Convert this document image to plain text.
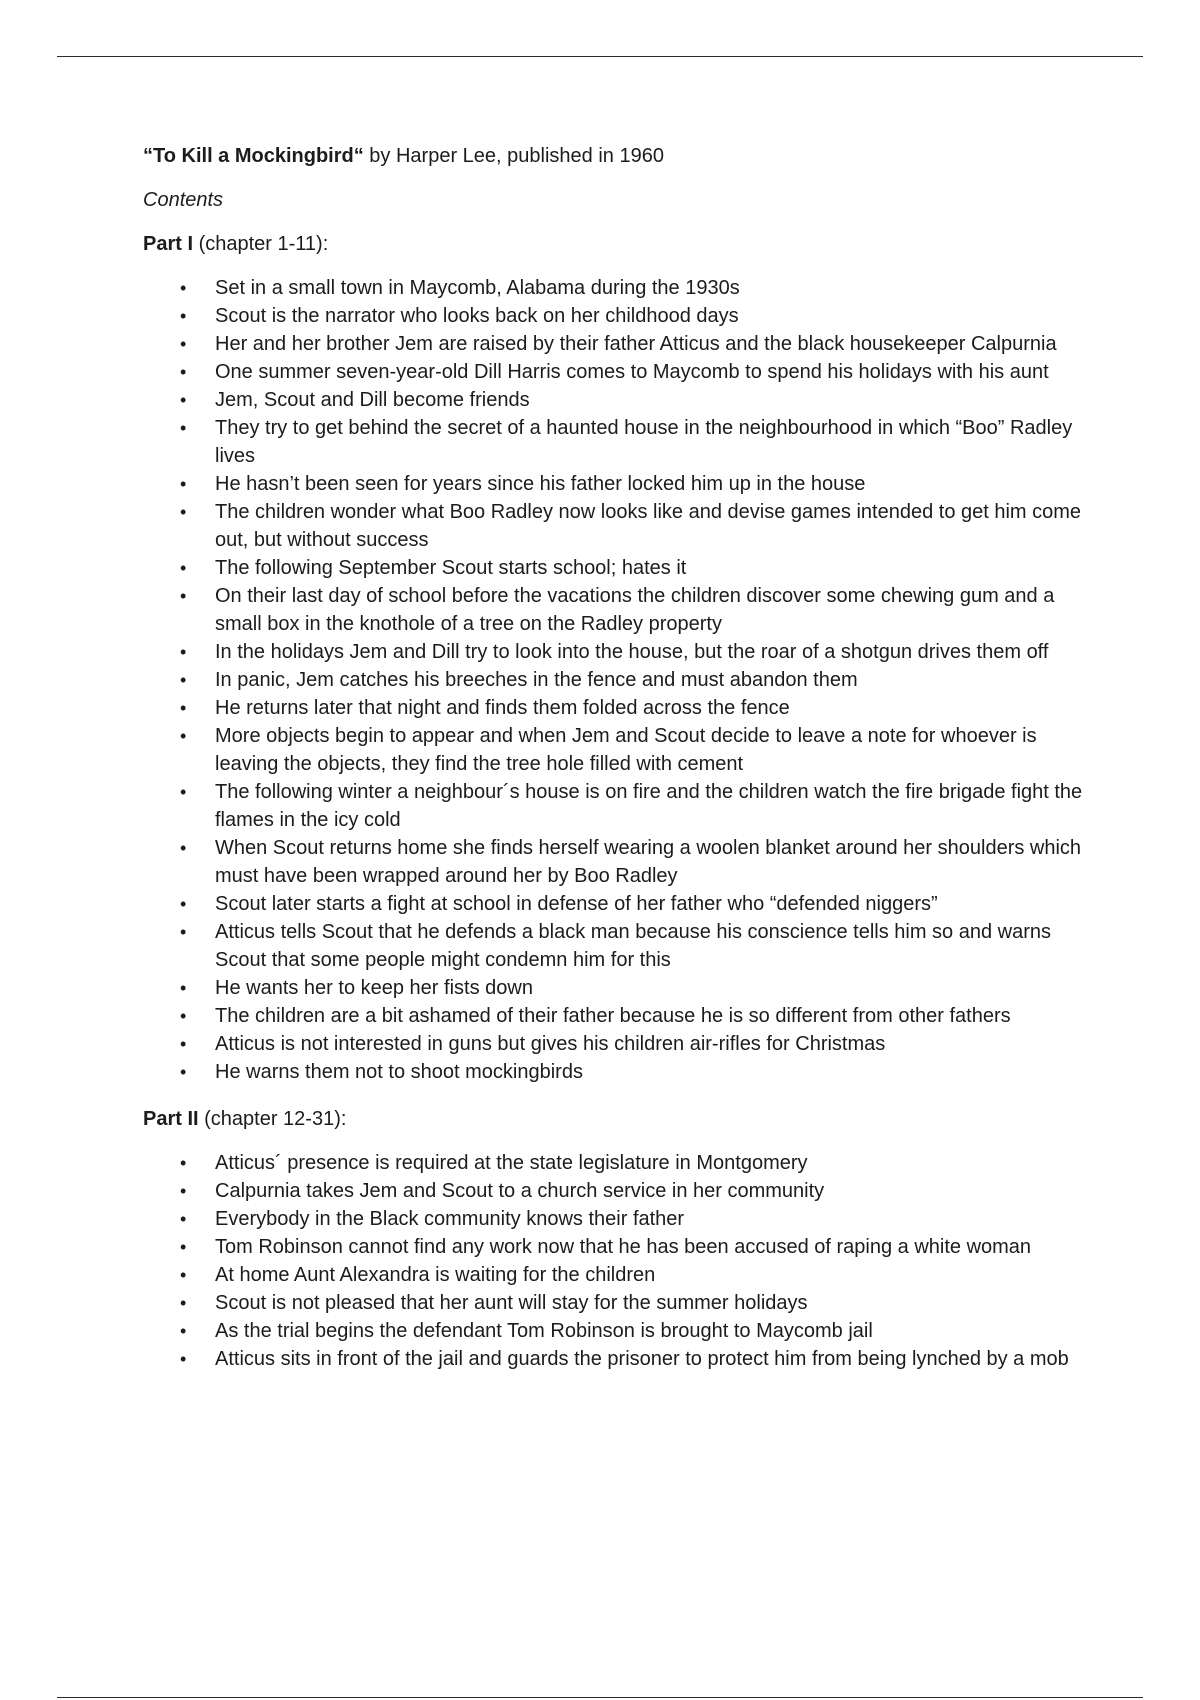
“To Kill a Mockingbird“ by Harper Lee, published in 1960

Contents

Part I (chapter 1-11):

• Set in a small town in Maycomb, Alabama during the 1930s
• Scout is the narrator who looks back on her childhood days
• Her and her brother Jem are raised by their father Atticus and the black housekeeper Calpurnia
• One summer seven-year-old Dill Harris comes to Maycomb to spend his holidays with his aunt
• Jem, Scout and Dill become friends
• They try to get behind the secret of a haunted house in the neighbourhood in which “Boo” Radley lives
• He hasn’t been seen for years since his father locked him up in the house
• The children wonder what Boo Radley now looks like and devise games intended to get him come out, but without success
• The following September Scout starts school; hates it
• On their last day of school before the vacations the children discover some chewing gum and a small box in the knothole of a tree on the Radley property
• In the holidays Jem and Dill try to look into the house, but the roar of a shotgun drives them off
• In panic, Jem catches his breeches in the fence and must abandon them
• He returns later that night and finds them folded across the fence
• More objects begin to appear and when Jem and Scout decide to leave a note for whoever is leaving the objects, they find the tree hole filled with cement
• The following winter a neighbour´s house is on fire and the children watch the fire brigade fight the flames in the icy cold
• When Scout returns home she finds herself wearing a woolen blanket around her shoulders which must have been wrapped around her by Boo Radley
• Scout later starts a fight at school in defense of her father who “defended niggers”
• Atticus tells Scout that he defends a black man because his conscience tells him so and warns Scout that some people might condemn him for this
• He wants her to keep her fists down
• The children are a bit ashamed of their father because he is so different from other fathers
• Atticus is not interested in guns but gives his children air-rifles for Christmas
• He warns them not to shoot mockingbirds

Part II (chapter 12-31):

• Atticus´ presence is required at the state legislature in Montgomery
• Calpurnia takes Jem and Scout to a church service in her community
• Everybody in the Black community knows their father
• Tom Robinson cannot find any work now that he has been accused of raping a white woman
• At home Aunt Alexandra is waiting for the children
• Scout is not pleased that her aunt will stay for the summer holidays
• As the trial begins the defendant Tom Robinson is brought to Maycomb jail
• Atticus sits in front of the jail and guards the prisoner to protect him from being lynched by a mob
